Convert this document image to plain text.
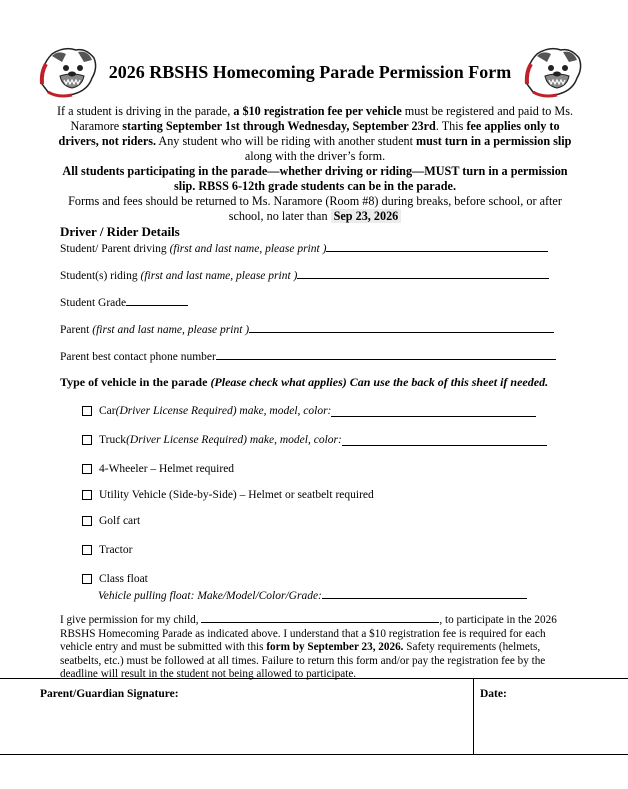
2026 RBSHS Homecoming Parade Permission Form

If a student is driving in the parade, a $10 registration fee per vehicle must be registered and paid to Ms. Naramore starting September 1st through Wednesday, September 23rd. This fee applies only to drivers, not riders. Any student who will be riding with another student must turn in a permission slip along with the driver’s form.

All students participating in the parade—whether driving or riding—MUST turn in a permission slip. RBSS 6-12th grade students can be in the parade.

Forms and fees should be returned to Ms. Naramore (Room #8) during breaks, before school, or after school, no later than Sep 23, 2026

Driver / Rider Details
Student/ Parent driving (first and last name, please print )
Student(s) riding (first and last name, please print )
Student Grade
Parent (first and last name, please print )
Parent best contact phone number
Type of vehicle in the parade (Please check what applies) Can use the back of this sheet if needed.
Car (Driver License Required) make, model, color:
Truck (Driver License Required) make, model, color:
4-Wheeler – Helmet required
Utility Vehicle (Side-by-Side) – Helmet or seatbelt required
Golf cart
Tractor
Class float
Vehicle pulling float: Make/Model/Color/Grade:
I give permission for my child,	, to participate in the 2026 RBSHS Homecoming Parade as indicated above. I understand that a $10 registration fee is required for each vehicle entry and must be submitted with this form by September 23, 2026. Safety requirements (helmets, seatbelts, etc.) must be followed at all times. Failure to return this form and/or pay the registration fee by the deadline will result in the student not being allowed to participate.
Parent/Guardian Signature:	Date:
